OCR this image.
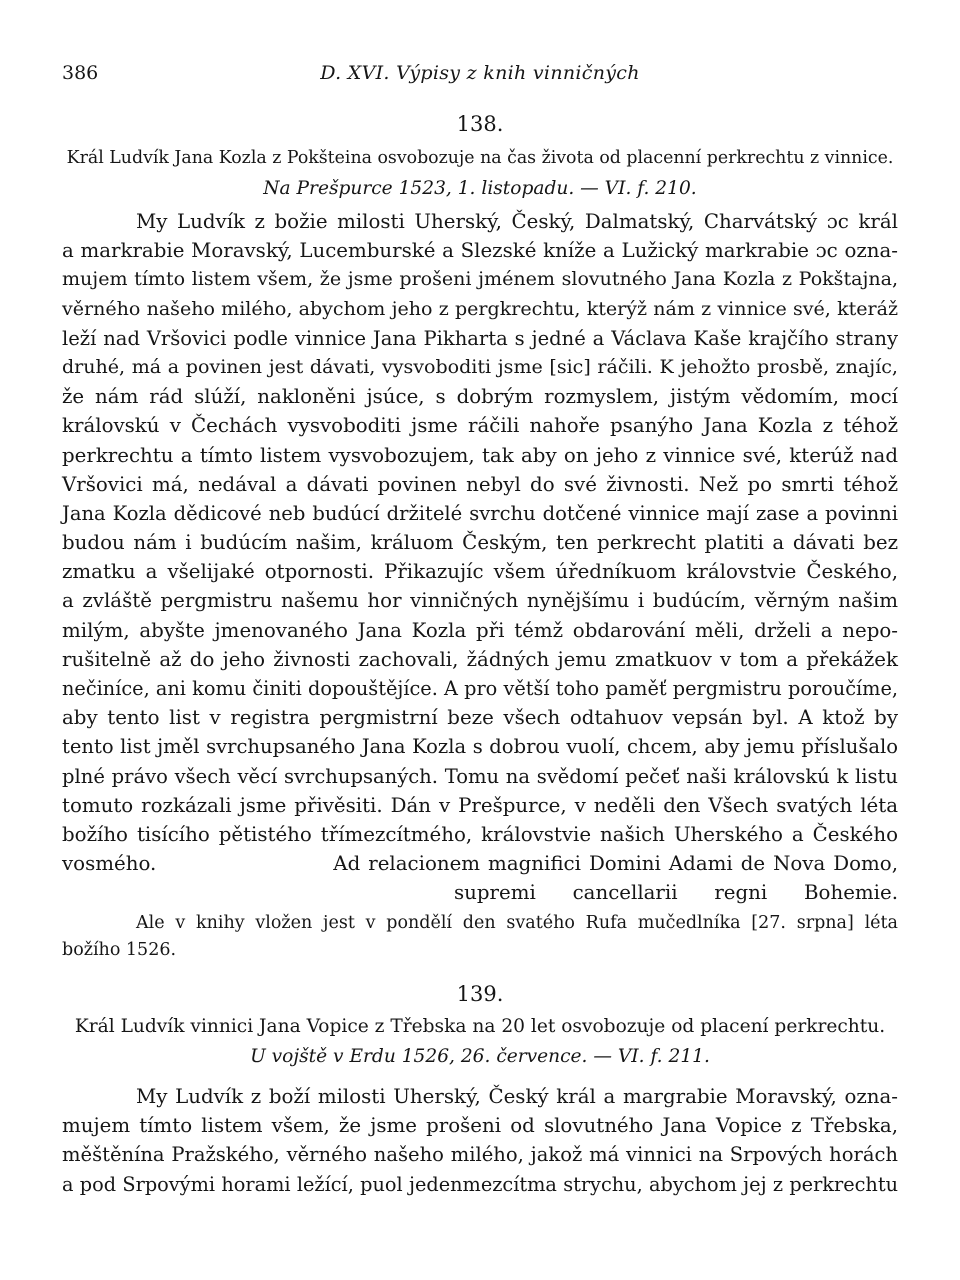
386	D. XVI. Výpisy z knih vinničných
138.
Král Ludvík Jana Kozla z Pokšteina osvobozuje na čas života od placenní perkrechtu z vinnice.
Na Prešpurce 1523, 1. listopadu. — VI. f. 210.
My Ludvík z božie milosti Uherský, Český, Dalmatský, Charvátský ɔc král
a markrabie Moravský, Lucemburské a Slezské kníže a Lužický markrabie ɔc ozna-
mujem tímto listem všem, že jsme prošeni jménem slovutného Jana Kozla z Pokštajna,
věrného našeho milého, abychom jeho z pergkrechtu, kterýž nám z vinnice své, kteráž
leží nad Vršovici podle vinnice Jana Pikharta s jedné a Václava Kaše krajčího strany
druhé, má a povinen jest dávati, vysvoboditi jsme [sic] ráčili. K jehožto prosbě, znajíc,
že nám rád slúží, nakloněni jsúce, s dobrým rozmyslem, jistým vědomím, mocí
královskú v Čechách vysvoboditi jsme ráčili nahoře psanýho Jana Kozla z téhož
perkrechtu a tímto listem vysvobozujem, tak aby on jeho z vinnice své, kterúž nad
Vršovici má, nedával a dávati povinen nebyl do své živnosti. Než po smrti téhož
Jana Kozla dědicové neb budúcí držitelé svrchu dotčené vinnice mají zase a povinni
budou nám i budúcím našim, králuom Českým, ten perkrecht platiti a dávati bez
zmatku a všelijaké otpornosti. Přikazujíc všem úředníkuom královstvie Českého,
a zvláště pergmistru našemu hor vinničných nynějšímu i budúcím, věrným našim
milým, abyšte jmenovaného Jana Kozla při témž obdarování měli, drželi a nepo-
rušitelně až do jeho živnosti zachovali, žádných jemu zmatkuov v tom a překážek
nečiníce, ani komu činiti dopouštějíce. A pro větší toho paměť pergmistru poroučíme,
aby tento list v registra pergmistrní beze všech odtahuov vepsán byl. A ktož by
tento list jměl svrchupsaného Jana Kozla s dobrou vuolí, chcem, aby jemu příslušalo
plné právo všech věcí svrchupsaných. Tomu na svědomí pečeť naši královskú k listu
tomuto rozkázali jsme přivěsiti. Dán v Prešpurce, v neděli den Všech svatých léta
božího tisícího pětistého třímezcítmého, královstvie našich Uherského a Českého
vosmého.	Ad relacionem magnifici Domini Adami de Nova Domo,
supremi cancellarii regni Bohemie.
Ale v knihy vložen jest v pondělí den svatého Rufa mučedlníka [27. srpna] léta
božího 1526.
139.
Král Ludvík vinnici Jana Vopice z Třebska na 20 let osvobozuje od placení perkrechtu.
U vojště v Erdu 1526, 26. července. — VI. f. 211.
My Ludvík z boží milosti Uherský, Český král a margrabie Moravský, ozna-
mujem tímto listem všem, že jsme prošeni od slovutného Jana Vopice z Třebska,
měštěnína Pražského, věrného našeho milého, jakož má vinnici na Srpových horách
a pod Srpovými horami ležící, puol jedenmezcítma strychu, abychom jej z perkrechtu
